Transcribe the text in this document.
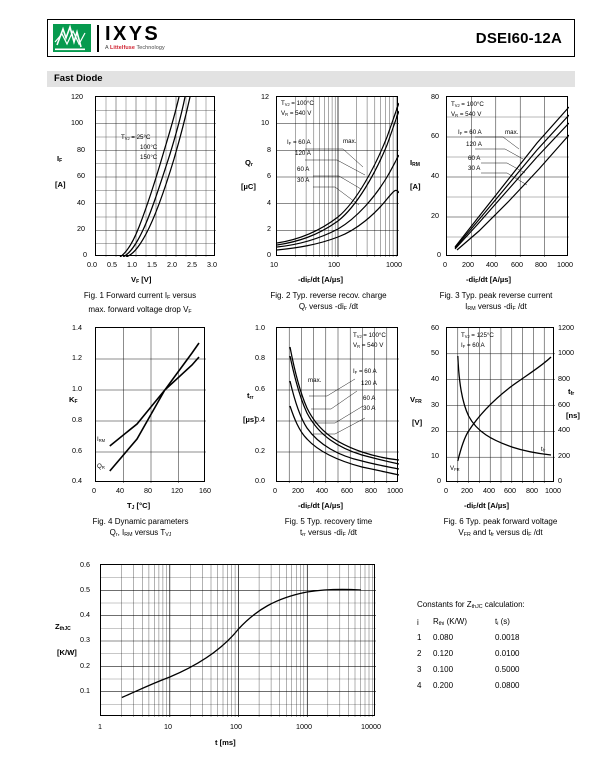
IXYS
A Littelfuse Technology
DSEI60-12A
Fast Diode
120
100
80
60
40
20
0
0.0 0.5 1.0 1.5 2.0 2.5 3.0
$I_F$
[A]
$V_F$ [V]
$T_{VJ} = 25^\circ C$
100°C
150°C
Fig. 1 Forward current $I_F$ versus
max. forward voltage drop $V_F$
12
10
8
6
4
2
0
10	100	1000
$Q_r$
[µC]
$-di_F/dt$ [A/µs]
$T_{VJ} = 100^\circ C$
$V_R = 540$ V
$I_F = 60$ A
120 A
60 A
30 A
max.
Fig. 2 Typ. reverse recov. charge
$Q_r$ versus $-di_F$ /dt
80
60
40
20
0
0 200 400 600 800 1000
$I_{RM}$
[A]
$-di_F/dt$ [A/µs]
$T_{VJ} = 100^\circ C$
$V_R = 540$ V
$I_F = 60$ A
120 A
60 A
30 A
max.
Fig. 3 Typ. peak reverse current
$I_{RM}$ versus $-di_F$ /dt
1.4
1.2
1.0
0.8
0.6
0.4
0	40	80	120 160
$K_F$
$T_J$ [°C]
$I_{RM}$
$Q_R$
Fig. 4 Dynamic parameters
$Q_r$, $I_{RM}$ versus $T_{VJ}$
1.0
0.8
0.6
0.4
0.2
0.0
0 200 400 600 800 1000
$t_{rr}$
[µs]
$-di_F/dt$ [A/µs]
$T_{VJ} = 100^\circ C$
$V_R = 540$ V
$I_F = 60$ A
120 A
60 A
30 A
max.
Fig. 5 Typ. recovery time
$t_{rr}$ versus $-di_F$ /dt
60
50
40
30
20
10
0
1200
1000
800
600
400
200
0
0 200 400 600 800 1000
$V_{FR}$
[V]
$t_{fr}$
[ns]
$-di_F/dt$ [A/µs]
$T_{VJ} = 125^\circ C$
$I_F = 60$ A
$V_{FR}$
$t_{fr}$
Fig. 6 Typ. peak forward voltage
$V_{FR}$ and $t_{fr}$ versus $di_F$ /dt
0.6
0.5
0.4
0.3
0.2
0.1
1	10	100	1000	10000
$Z_{thJC}$
[K/W]
t [ms]
Constants for $Z_{thJC}$ calculation:
i	$R_{thi}$ (K/W)	$t_i$ (s)
1	0.080	0.0018
2	0.120	0.0100
3	0.100	0.5000
4	0.200	0.0800
